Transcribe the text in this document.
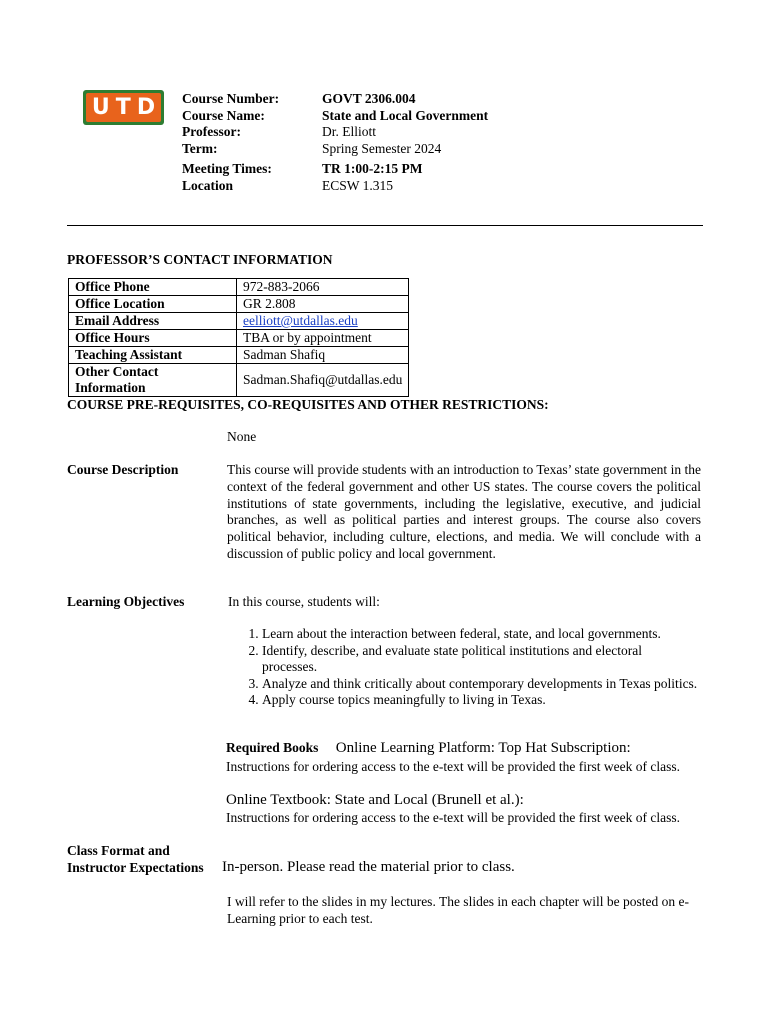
U T D Course Number:	GOVT 2306.004
Course Name:	State and Local Government
Professor:	Dr. Elliott
Term:	Spring Semester 2024
Meeting Times:	TR 1:00-2:15 PM
Location	ECSW 1.315
PROFESSOR’S CONTACT INFORMATION
Office Phone	972-883-2066
Office Location	GR 2.808
Email Address	eelliott@utdallas.edu
Office Hours	TBA or by appointment
Teaching Assistant	Sadman Shafiq
Other Contact Information	Sadman.Shafiq@utdallas.edu
COURSE PRE-REQUISITES, CO-REQUISITES AND OTHER RESTRICTIONS:
None
Course Description	This course will provide students with an introduction to Texas’ state government in the context of the federal government and other US states. The course covers the political institutions of state governments, including the legislative, executive, and judicial branches, as well as political parties and interest groups. The course also covers political behavior, including culture, elections, and media. We will conclude with a discussion of public policy and local government.
Learning Objectives	In this course, students will:
1. Learn about the interaction between federal, state, and local governments.
2. Identify, describe, and evaluate state political institutions and electoral processes.
3. Analyze and think critically about contemporary developments in Texas politics.
4. Apply course topics meaningfully to living in Texas.
Required Books Online Learning Platform: Top Hat Subscription:
Instructions for ordering access to the e-text will be provided the first week of class.
Online Textbook: State and Local (Brunell et al.):
Instructions for ordering access to the e-text will be provided the first week of class.
Class Format and
Instructor Expectations In-person. Please read the material prior to class.
I will refer to the slides in my lectures. The slides in each chapter will be posted on e-Learning prior to each test.
